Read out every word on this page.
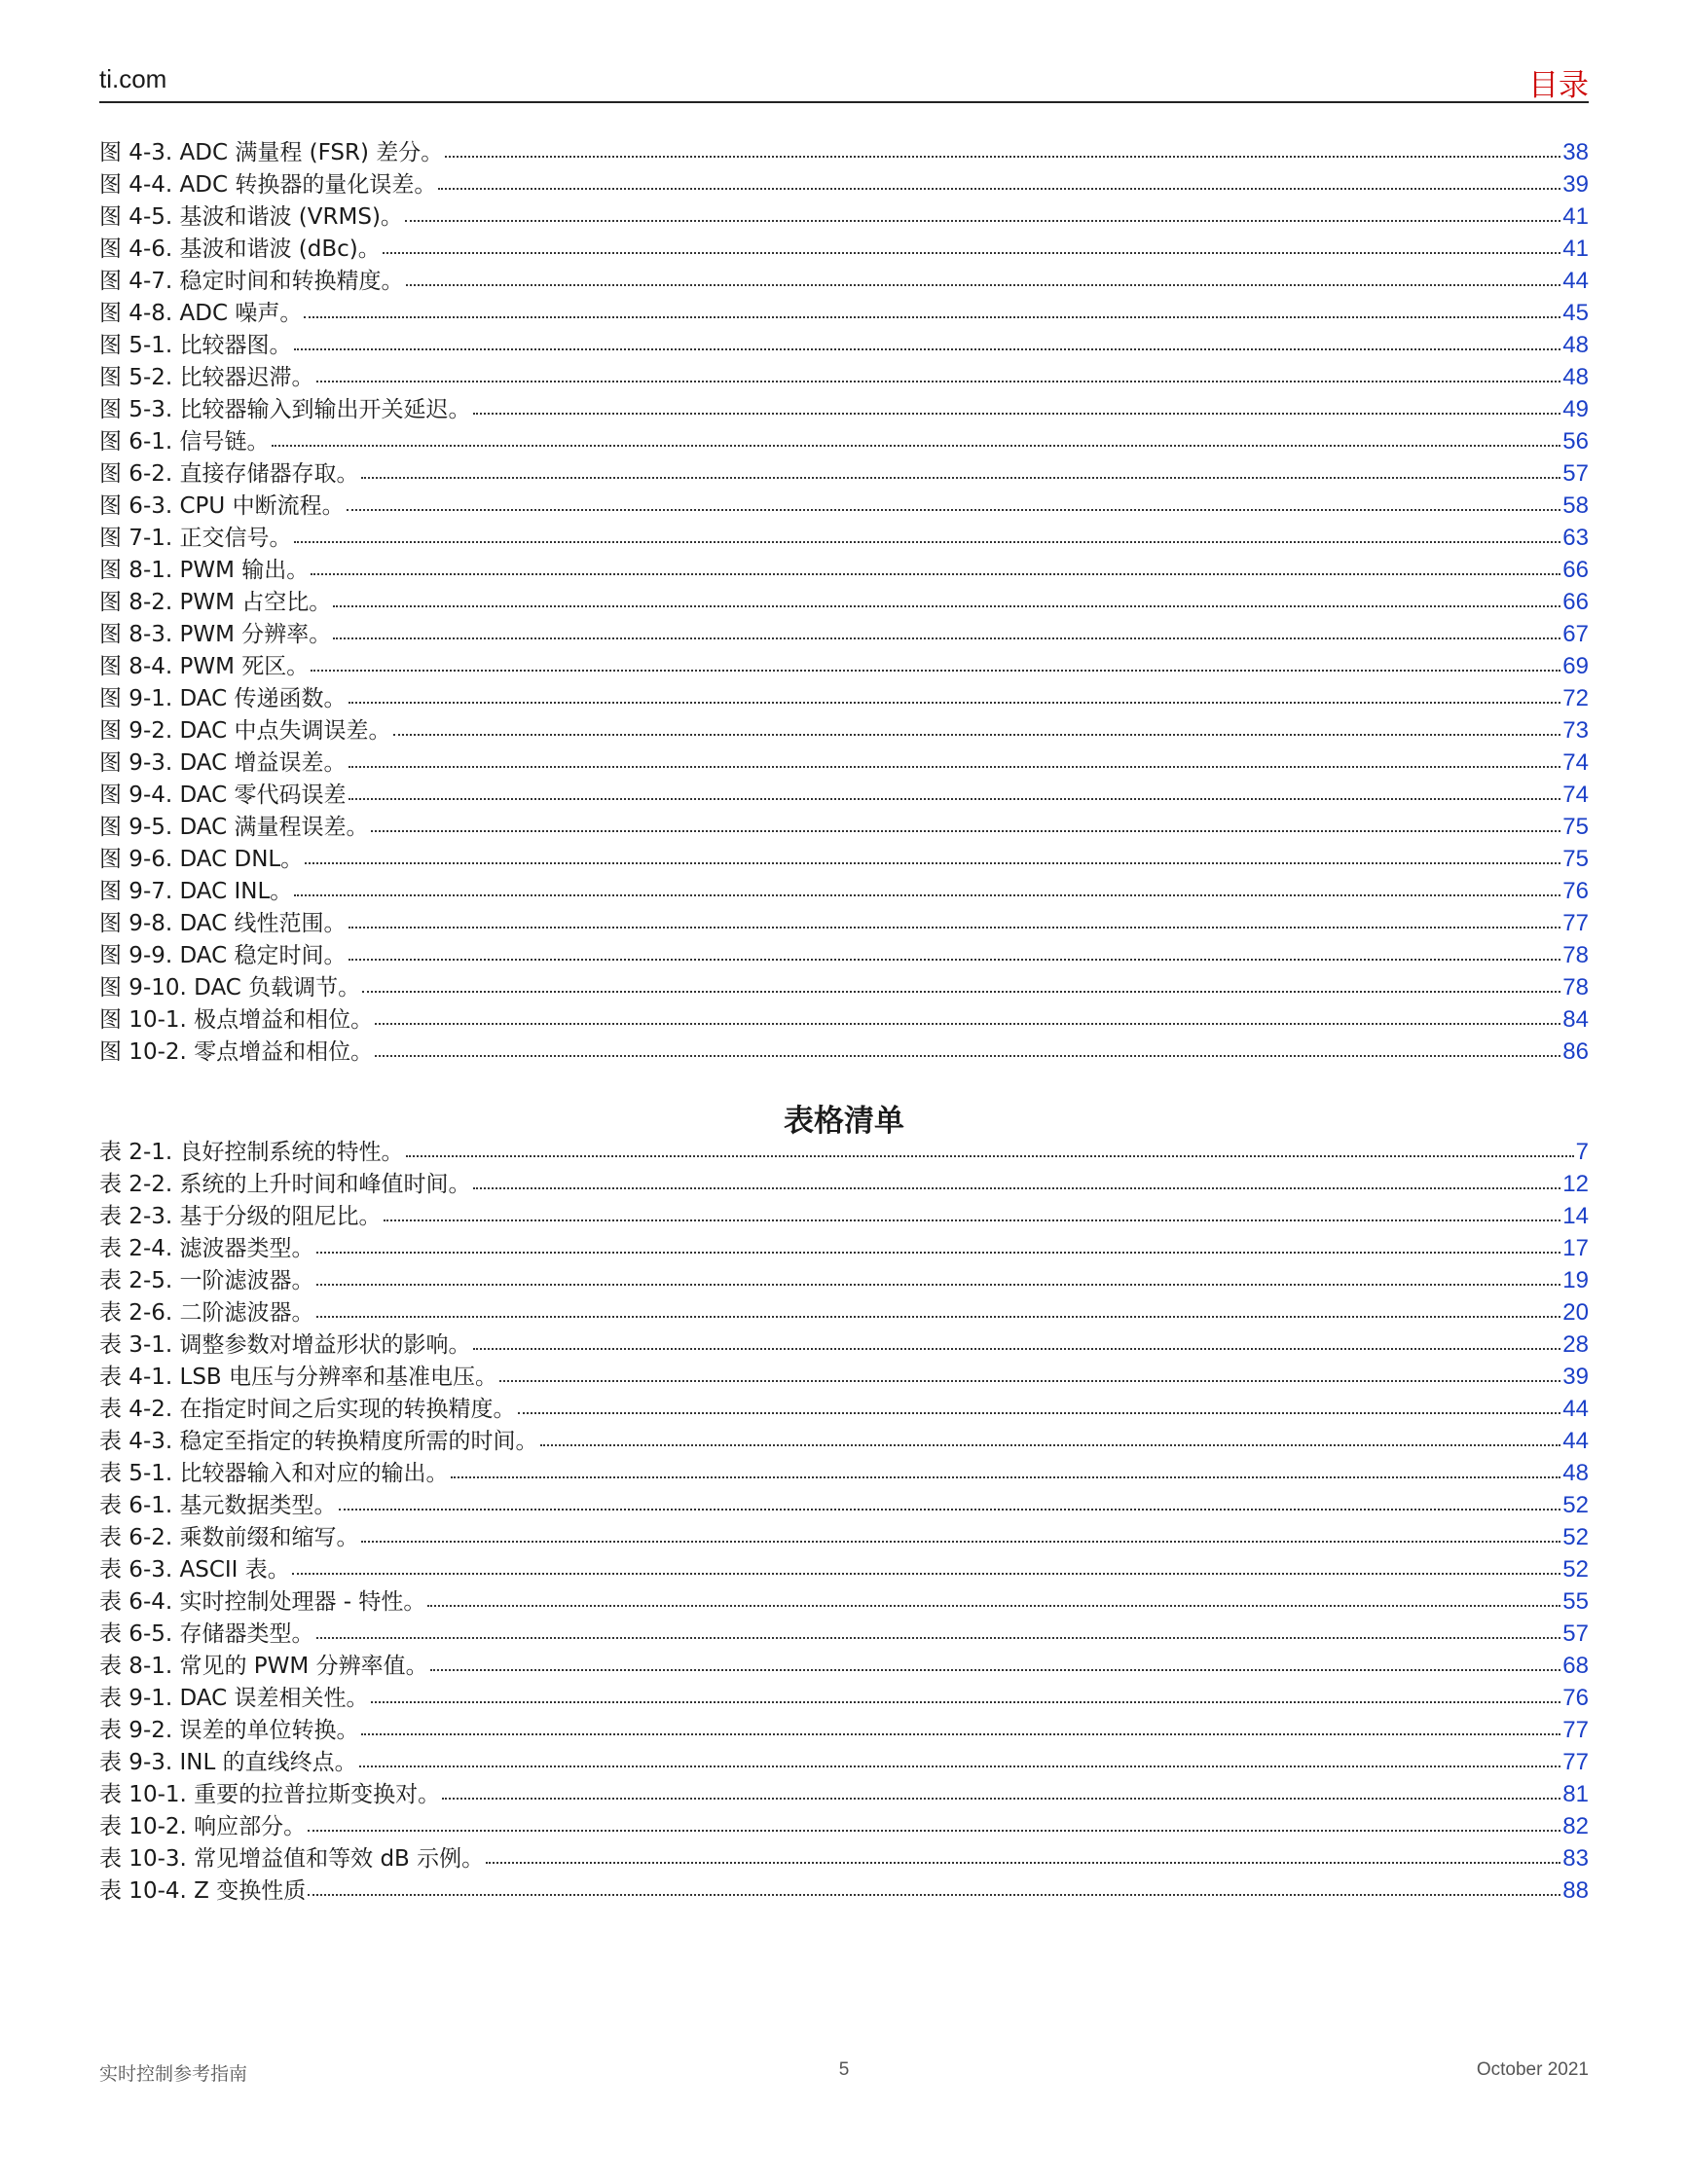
ti.com	目录
图 4-3. ADC 满量程 (FSR) 差分。	38
图 4-4. ADC 转换器的量化误差。	39
图 4-5. 基波和谐波 (VRMS)。	41
图 4-6. 基波和谐波 (dBc)。	41
图 4-7. 稳定时间和转换精度。	44
图 4-8. ADC 噪声。	45
图 5-1. 比较器图。	48
图 5-2. 比较器迟滞。	48
图 5-3. 比较器输入到输出开关延迟。	49
图 6-1. 信号链。	56
图 6-2. 直接存储器存取。	57
图 6-3. CPU 中断流程。	58
图 7-1. 正交信号。	63
图 8-1. PWM 输出。	66
图 8-2. PWM 占空比。	66
图 8-3. PWM 分辨率。	67
图 8-4. PWM 死区。	69
图 9-1. DAC 传递函数。	72
图 9-2. DAC 中点失调误差。	73
图 9-3. DAC 增益误差。	74
图 9-4. DAC 零代码误差	74
图 9-5. DAC 满量程误差。	75
图 9-6. DAC DNL。	75
图 9-7. DAC INL。	76
图 9-8. DAC 线性范围。	77
图 9-9. DAC 稳定时间。	78
图 9-10. DAC 负载调节。	78
图 10-1. 极点增益和相位。	84
图 10-2. 零点增益和相位。	86
表格清单
表 2-1. 良好控制系统的特性。	7
表 2-2. 系统的上升时间和峰值时间。	12
表 2-3. 基于分级的阻尼比。	14
表 2-4. 滤波器类型。	17
表 2-5. 一阶滤波器。	19
表 2-6. 二阶滤波器。	20
表 3-1. 调整参数对增益形状的影响。	28
表 4-1. LSB 电压与分辨率和基准电压。	39
表 4-2. 在指定时间之后实现的转换精度。	44
表 4-3. 稳定至指定的转换精度所需的时间。	44
表 5-1. 比较器输入和对应的输出。	48
表 6-1. 基元数据类型。	52
表 6-2. 乘数前缀和缩写。	52
表 6-3. ASCII 表。	52
表 6-4. 实时控制处理器 - 特性。	55
表 6-5. 存储器类型。	57
表 8-1. 常见的 PWM 分辨率值。	68
表 9-1. DAC 误差相关性。	76
表 9-2. 误差的单位转换。	77
表 9-3. INL 的直线终点。	77
表 10-1. 重要的拉普拉斯变换对。	81
表 10-2. 响应部分。	82
表 10-3. 常见增益值和等效 dB 示例。	83
表 10-4. Z 变换性质	88
实时控制参考指南	5	October 2021
